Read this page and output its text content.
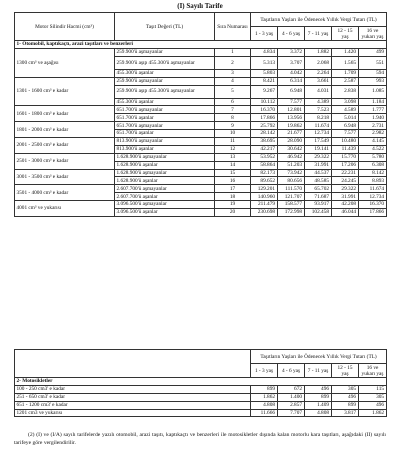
(I) Sayılı Tarife
Motor Silindir Hacmi (cm³)	Taşıt Değeri (TL)	Sıra Numarası	Taşıtların Yaşları ile Ödenecek Yıllık Vergi Tutarı (TL)				
			1 - 3 yaş	4 - 6 yaş	7 - 11 yaş	12 - 15 yaş	16 ve yukarı yaş
1- Otomobil, kaptıkaçtı, arazi taşıtları ve benzerleri							
1300 cm³ ve aşağısı	259.900'ü aşmayanlar	1	4.834	3.372	1.882	1.420	499
	259.900'ü aşıp 455.300'ü aşmayanlar	2	5.313	3.707	2.068	1.565	551
	455.300'ü aşanlar	3	5.803	4.042	2.264	1.709	594
1301 - 1600 cm³ e kadar	259.900'ü aşmayanlar	4	8.421	6.314	3.661	2.587	993
	259.900'ü aşıp 455.300'ü aşmayanlar	5	9.267	6.948	4.031	2.838	1.085
	455.300'ü aşanlar	6	10.112	7.577	4.389	3.098	1.184
1601 - 1800 cm³ e kadar	651.700'ü aşmayanlar	7	16.370	12.801	7.523	4.589	1.777
	651.700'ü aşanlar	8	17.866	13.956	8.218	5.014	1.940
1801 - 2000 cm³ e kadar	651.700'ü aşmayanlar	9	25.792	19.862	11.674	6.948	2.731
	651.700'ü aşanlar	10	28.142	21.677	12.734	7.577	2.982
2001 - 2500 cm³ e kadar	813.900'ü aşmayanlar	11	38.695	28.090	17.549	10.480	4.145
	813.900'ü aşanlar	12	42.217	30.642	19.141	11.439	4.522
2501 - 3000 cm³ e kadar	1.628.900'ü aşmayanlar	13	53.952	46.942	29.322	15.770	5.780
	1.628.900'ü aşanlar	14	58.864	51.203	31.991	17.206	6.308
3001 - 3500 cm³ e kadar	1.628.900'ü aşmayanlar	15	82.173	73.942	44.537	22.231	8.142
	1.628.900'ü aşanlar	16	89.652	80.656	48.585	24.245	8.893
3501 - 4000 cm³ e kadar	2.607.700'ü aşmayanlar	17	129.201	111.570	65.702	29.322	11.674
	2.607.700'ü aşanlar	18	140.960	121.707	71.687	31.991	12.734
4001 cm³ ve yukarısı	3.096.500'ü aşmayanlar	19	211.479	158.577	93.917	42.208	16.370
	3.096.500'ü aşanlar	20	230.698	172.998	102.458	46.044	17.866
	Taşıtların Yaşları ile Ödenecek Yıllık Vergi Tutarı (TL)				
	1 - 3 yaş	4 - 6 yaş	7 - 11 yaş	12 - 15 yaş	16 ve yukarı yaş
2- Motosikletler					
100 - 250 cm3' e kadar	899	672	496	305	115
251 - 650 cm3' e kadar	1.862	1.400	899	496	305
651 - 1200 cm3' e kadar	4.808	2.857	1.409	899	496
1201 cm3 ve yukarısı	11.666	7.707	4.808	3.817	1.862
(2) (I) ve (I/A) sayılı tarifelerde yazılı otomobil, arazi taşıtı, kaptıkaçtı ve benzerleri ile motosikletler dışında kalan motorlu kara taşıtları, aşağıdaki (II) sayılı tarifeye göre vergilendirilir.
